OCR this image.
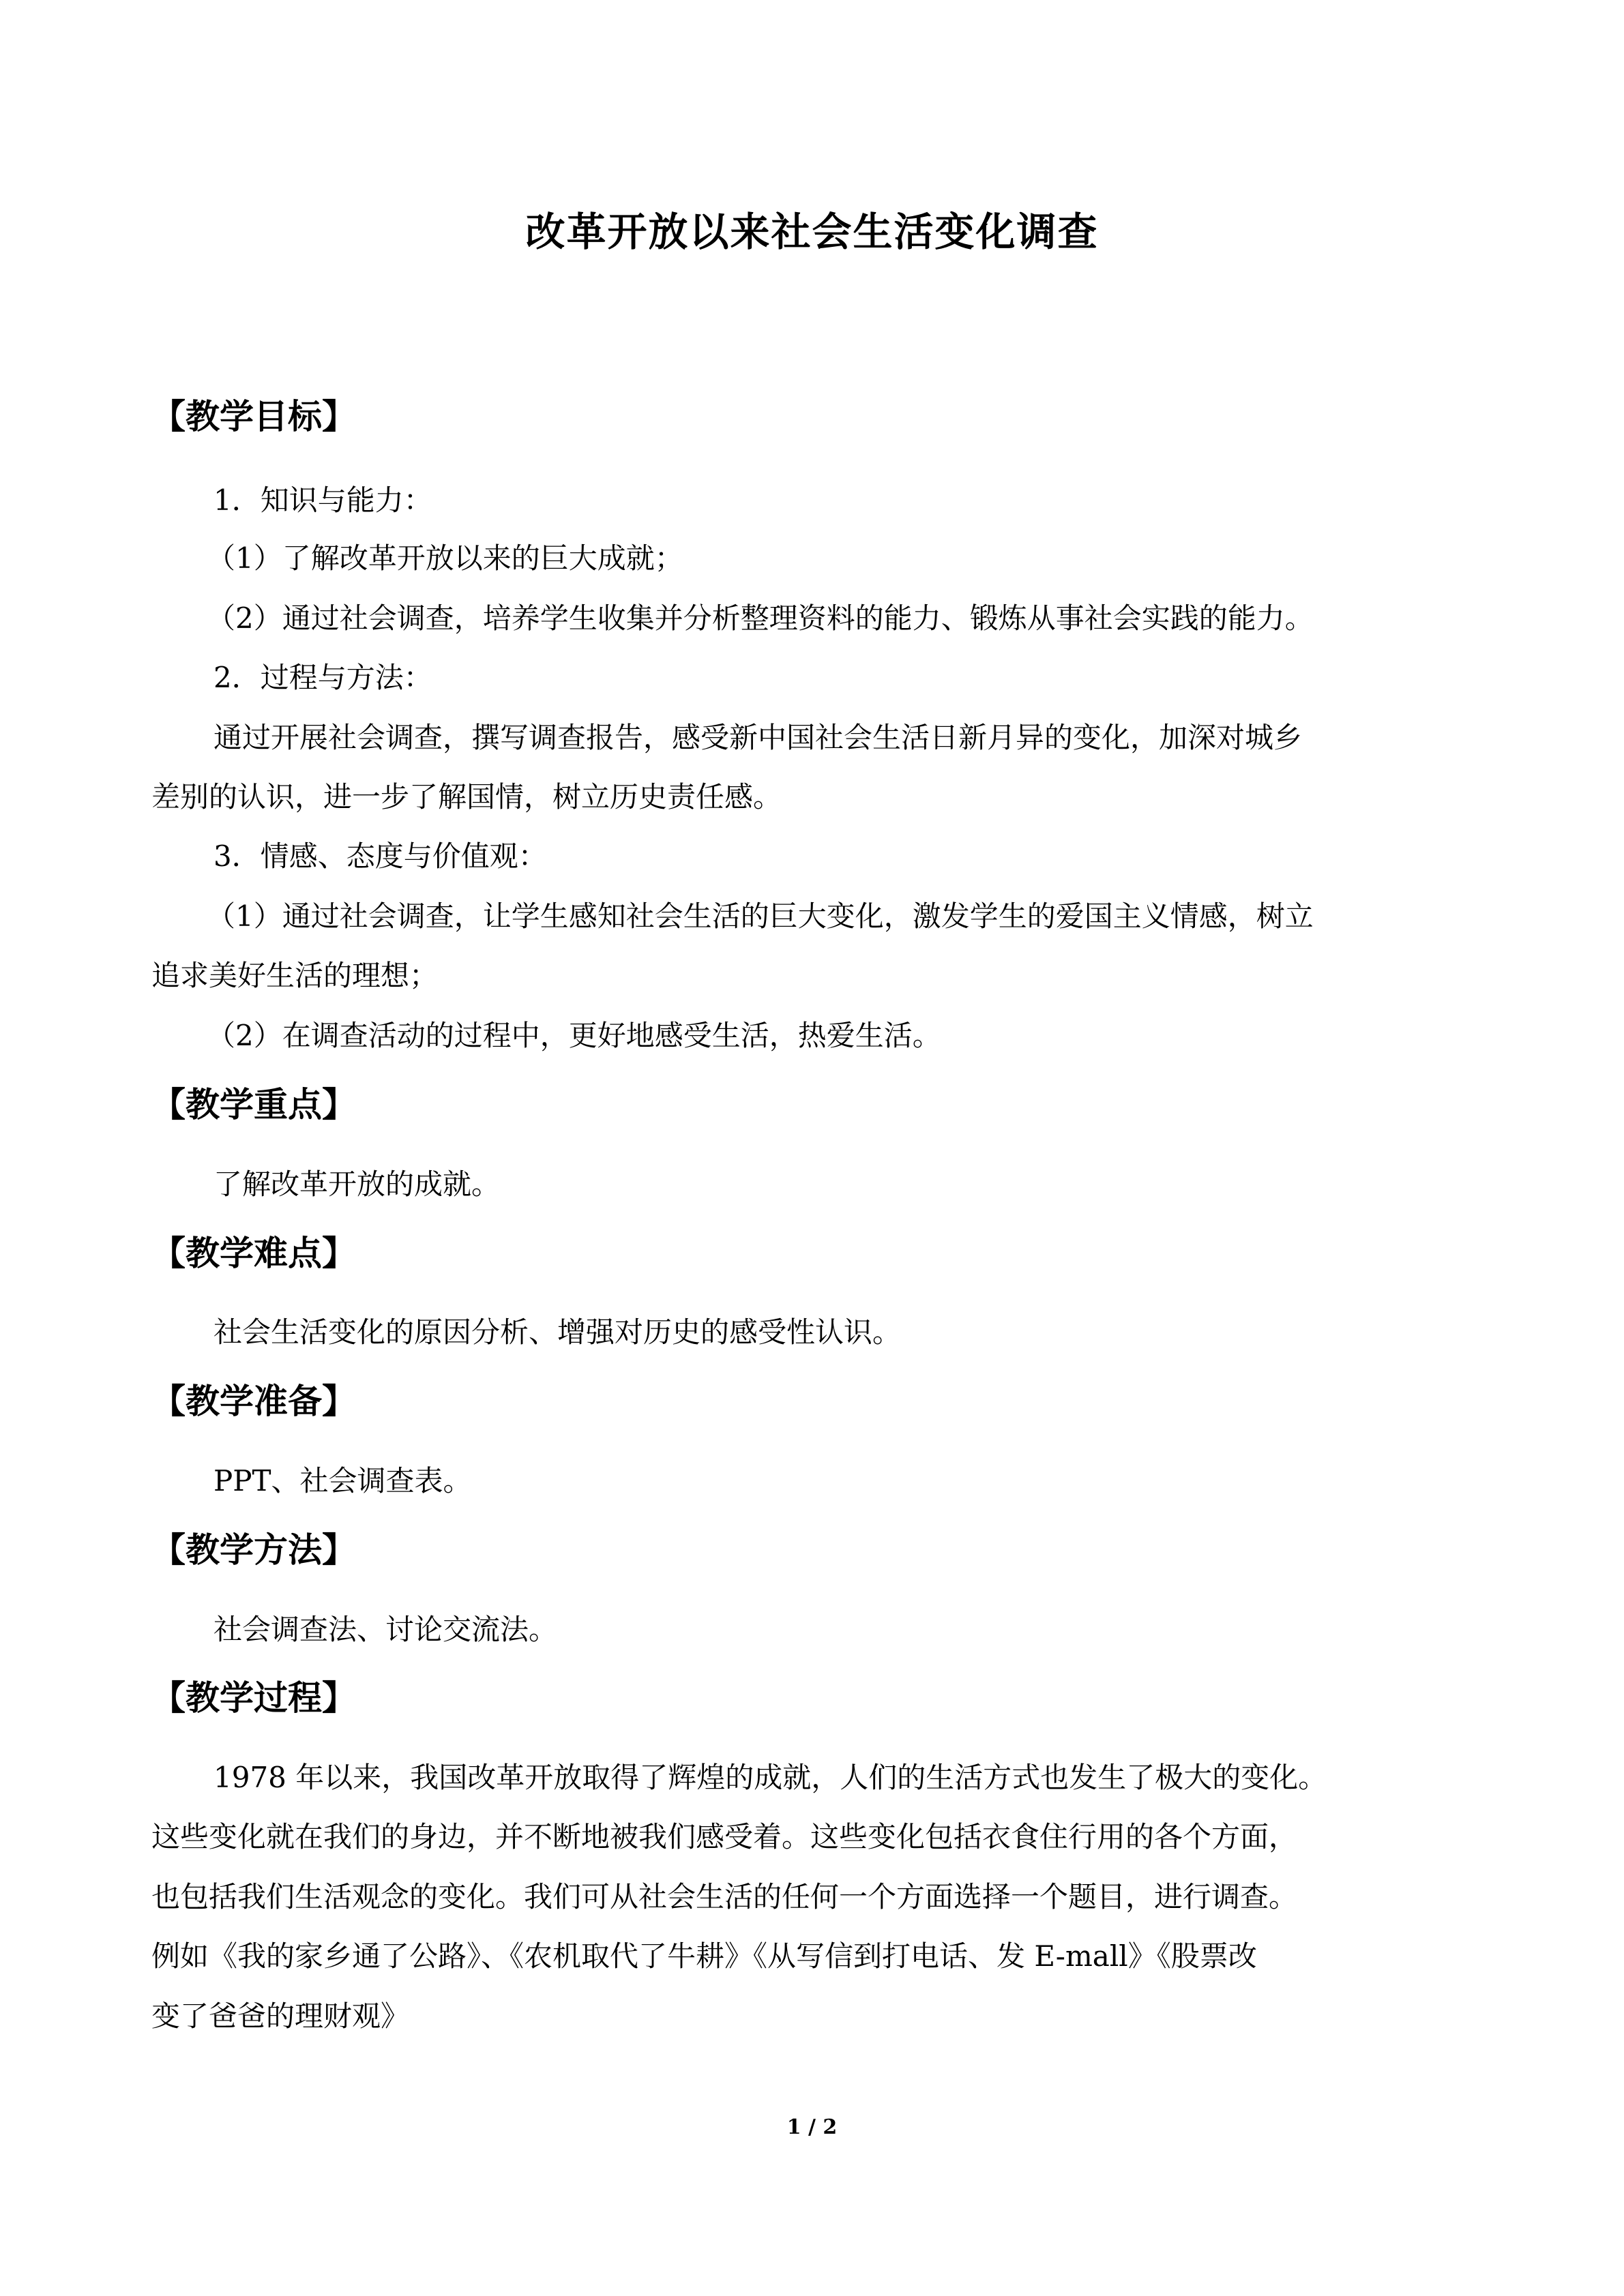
改革开放以来社会生活变化调查
【教学目标】
1．知识与能力：
（1）了解改革开放以来的巨大成就；
（2）通过社会调查，培养学生收集并分析整理资料的能力、锻炼从事社会实践的能力。
2．过程与方法：
通过开展社会调查，撰写调查报告，感受新中国社会生活日新月异的变化，加深对城乡
差别的认识，进一步了解国情，树立历史责任感。
3．情感、态度与价值观：
（1）通过社会调查，让学生感知社会生活的巨大变化，激发学生的爱国主义情感，树立
追求美好生活的理想；
（2）在调查活动的过程中，更好地感受生活，热爱生活。
【教学重点】
了解改革开放的成就。
【教学难点】
社会生活变化的原因分析、增强对历史的感受性认识。
【教学准备】
PPT、社会调查表。
【教学方法】
社会调查法、讨论交流法。
【教学过程】
1978 年以来，我国改革开放取得了辉煌的成就，人们的生活方式也发生了极大的变化。
这些变化就在我们的身边，并不断地被我们感受着。这些变化包括衣食住行用的各个方面，
也包括我们生活观念的变化。我们可从社会生活的任何一个方面选择一个题目，进行调查。
例如《我的家乡通了公路》、《农机取代了牛耕》《从写信到打电话、发 E-mall》《股票改
变了爸爸的理财观》
1 / 2
